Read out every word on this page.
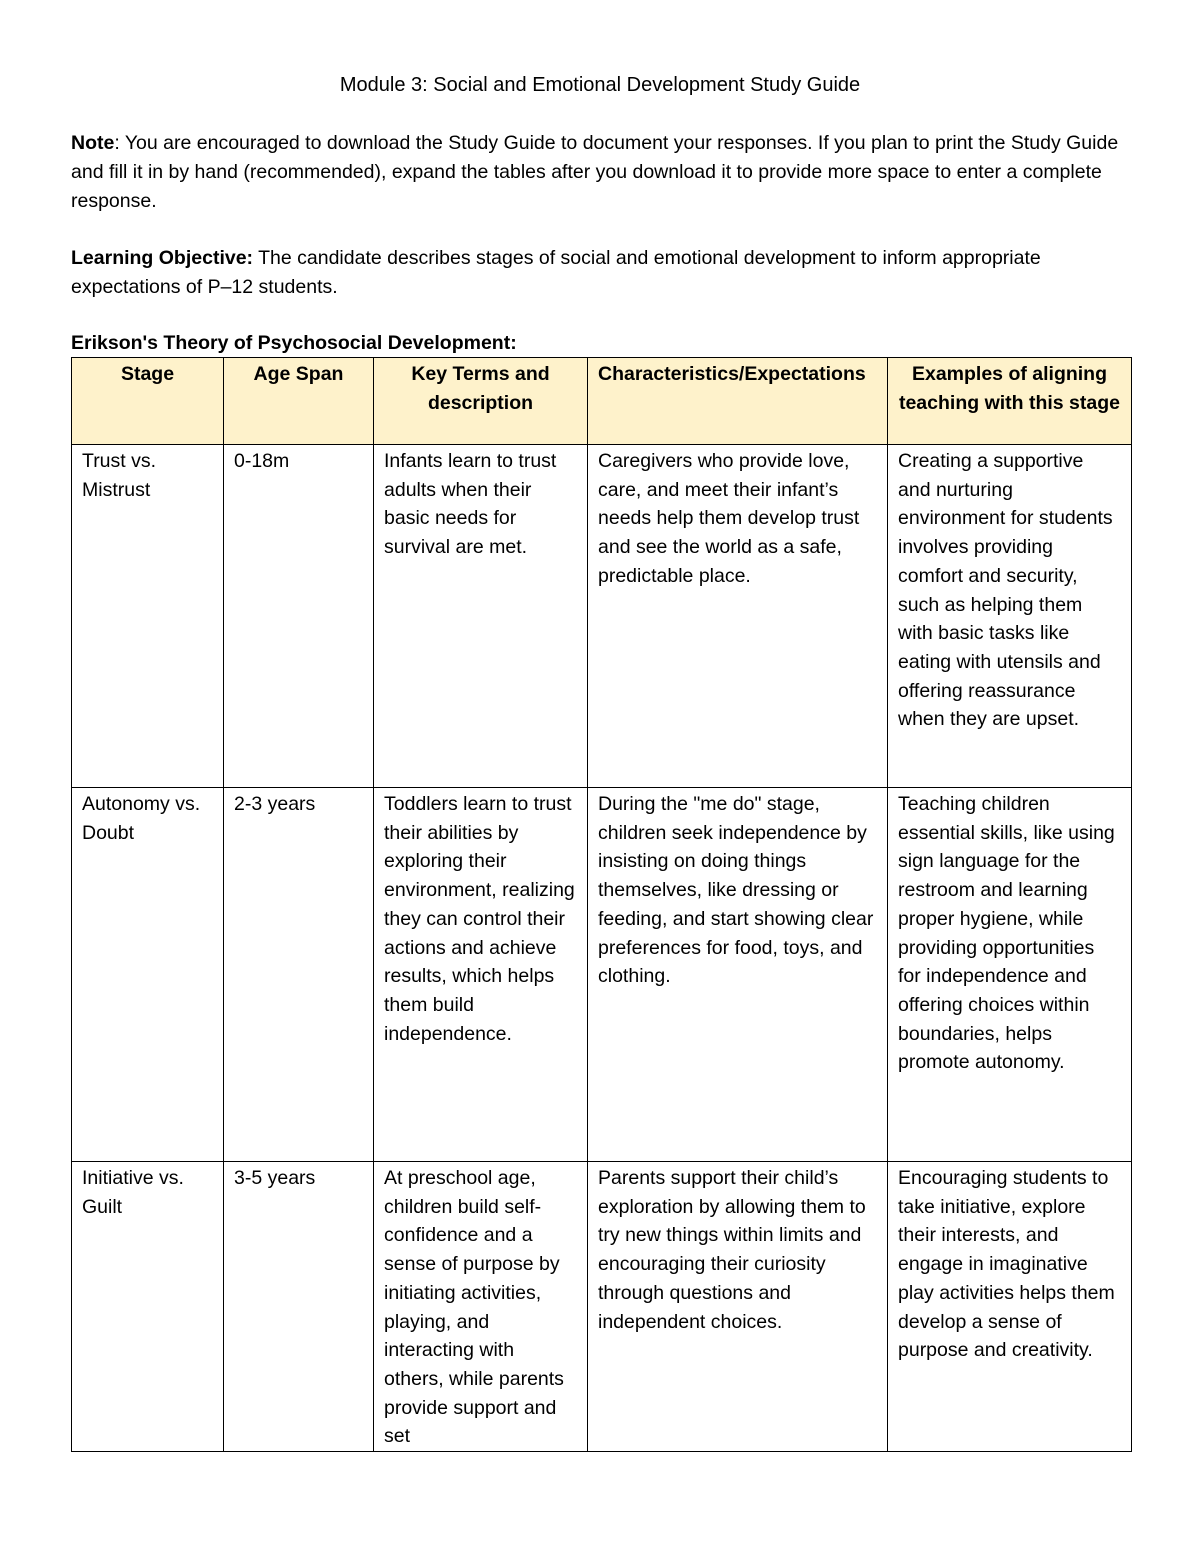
Module 3: Social and Emotional Development Study Guide
Note: You are encouraged to download the Study Guide to document your responses. If you plan to print the Study Guide and fill it in by hand (recommended), expand the tables after you download it to provide more space to enter a complete response.
Learning Objective: The candidate describes stages of social and emotional development to inform appropriate expectations of P–12 students.
Erikson's Theory of Psychosocial Development:
Stage	Age Span	Key Terms and description	Characteristics/Expectations	Examples of aligning teaching with this stage
Trust vs. Mistrust	0-18m	Infants learn to trust adults when their basic needs for survival are met.	Caregivers who provide love, care, and meet their infant’s needs help them develop trust and see the world as a safe, predictable place.	Creating a supportive and nurturing environment for students involves providing comfort and security, such as helping them with basic tasks like eating with utensils and offering reassurance when they are upset.
Autonomy vs. Doubt	2-3 years	Toddlers learn to trust their abilities by exploring their environment, realizing they can control their actions and achieve results, which helps them build independence.	During the "me do" stage, children seek independence by insisting on doing things themselves, like dressing or feeding, and start showing clear preferences for food, toys, and clothing.	Teaching children essential skills, like using sign language for the restroom and learning proper hygiene, while providing opportunities for independence and offering choices within boundaries, helps promote autonomy.
Initiative vs. Guilt	3-5 years	At preschool age, children build self-confidence and a sense of purpose by initiating activities, playing, and interacting with others, while parents provide support and set	Parents support their child’s exploration by allowing them to try new things within limits and encouraging their curiosity through questions and independent choices.	Encouraging students to take initiative, explore their interests, and engage in imaginative play activities helps them develop a sense of purpose and creativity.
